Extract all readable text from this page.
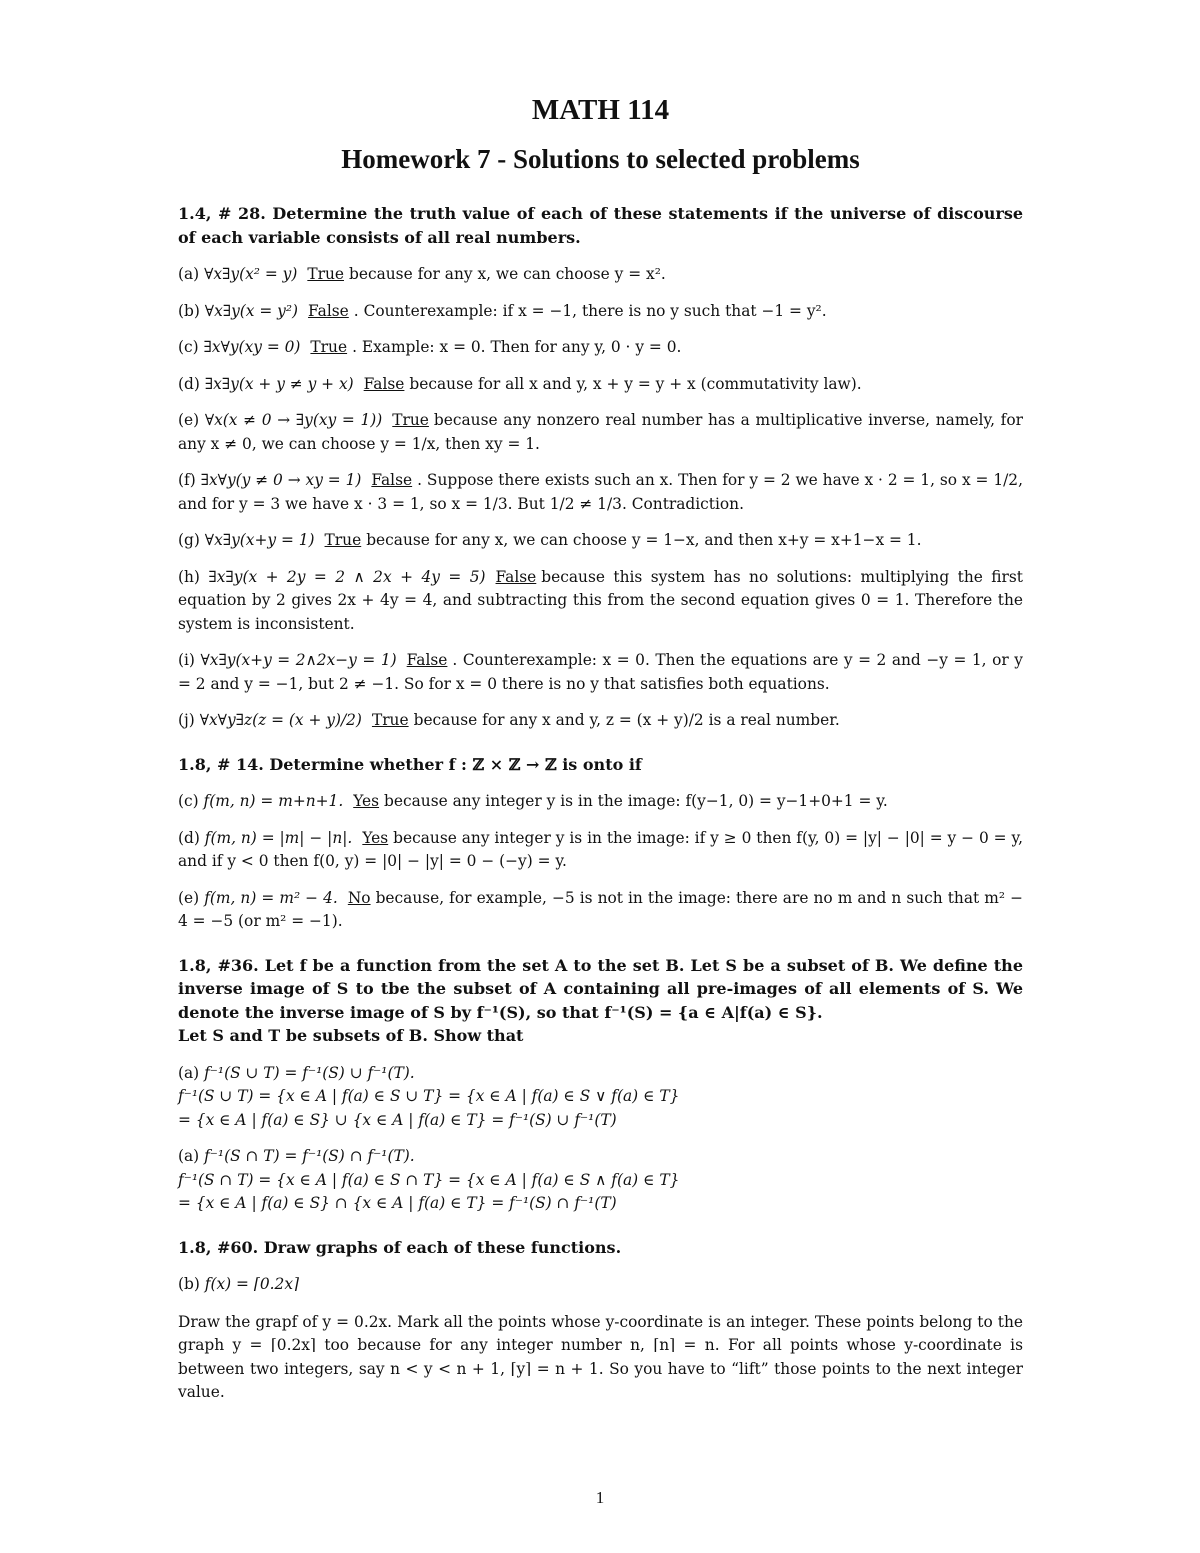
MATH 114
Homework 7 - Solutions to selected problems

1.4, # 28. Determine the truth value of each of these statements if the universe of discourse of each variable consists of all real numbers.

(a) ∀x∃y(x² = y) True because for any x, we can choose y = x².

(b) ∀x∃y(x = y²) False . Counterexample: if x = −1, there is no y such that −1 = y².

(c) ∃x∀y(xy = 0) True . Example: x = 0. Then for any y, 0 · y = 0.

(d) ∃x∃y(x + y ≠ y + x) False because for all x and y, x + y = y + x (commutativity law).

(e) ∀x(x ≠ 0 → ∃y(xy = 1)) True because any nonzero real number has a multiplicative inverse, namely, for any x ≠ 0, we can choose y = 1/x, then xy = 1.

(f) ∃x∀y(y ≠ 0 → xy = 1) False . Suppose there exists such an x. Then for y = 2 we have x · 2 = 1, so x = 1/2, and for y = 3 we have x · 3 = 1, so x = 1/3. But 1/2 ≠ 1/3. Contradiction.

(g) ∀x∃y(x+y = 1) True because for any x, we can choose y = 1−x, and then x+y = x+1−x = 1.

(h) ∃x∃y(x + 2y = 2 ∧ 2x + 4y = 5) False because this system has no solutions: multiplying the first equation by 2 gives 2x + 4y = 4, and subtracting this from the second equation gives 0 = 1. Therefore the system is inconsistent.

(i) ∀x∃y(x+y = 2∧2x−y = 1) False . Counterexample: x = 0. Then the equations are y = 2 and −y = 1, or y = 2 and y = −1, but 2 ≠ −1. So for x = 0 there is no y that satisfies both equations.

(j) ∀x∀y∃z(z = (x + y)/2) True because for any x and y, z = (x + y)/2 is a real number.

1.8, # 14. Determine whether f : ℤ × ℤ → ℤ is onto if

(c) f(m, n) = m+n+1. Yes because any integer y is in the image: f(y−1, 0) = y−1+0+1 = y.

(d) f(m, n) = |m| − |n|. Yes because any integer y is in the image: if y ≥ 0 then f(y, 0) = |y| − |0| = y − 0 = y, and if y < 0 then f(0, y) = |0| − |y| = 0 − (−y) = y.

(e) f(m, n) = m² − 4. No because, for example, −5 is not in the image: there are no m and n such that m² − 4 = −5 (or m² = −1).

1.8, #36. Let f be a function from the set A to the set B. Let S be a subset of B. We define the inverse image of S to tbe the subset of A containing all pre-images of all elements of S. We denote the inverse image of S by f⁻¹(S), so that f⁻¹(S) = {a ∈ A|f(a) ∈ S}.

Let S and T be subsets of B. Show that

(a) f⁻¹(S ∪ T) = f⁻¹(S) ∪ f⁻¹(T).

f⁻¹(S ∪ T) = {x ∈ A | f(a) ∈ S ∪ T} = {x ∈ A | f(a) ∈ S ∨ f(a) ∈ T}

= {x ∈ A | f(a) ∈ S} ∪ {x ∈ A | f(a) ∈ T} = f⁻¹(S) ∪ f⁻¹(T)

(a) f⁻¹(S ∩ T) = f⁻¹(S) ∩ f⁻¹(T).

f⁻¹(S ∩ T) = {x ∈ A | f(a) ∈ S ∩ T} = {x ∈ A | f(a) ∈ S ∧ f(a) ∈ T}

= {x ∈ A | f(a) ∈ S} ∩ {x ∈ A | f(a) ∈ T} = f⁻¹(S) ∩ f⁻¹(T)

1.8, #60. Draw graphs of each of these functions.

(b) f(x) = ⌈0.2x⌉

Draw the grapf of y = 0.2x. Mark all the points whose y-coordinate is an integer. These points belong to the graph y = ⌈0.2x⌉ too because for any integer number n, ⌈n⌉ = n. For all points whose y-coordinate is between two integers, say n < y < n + 1, ⌈y⌉ = n + 1. So you have to “lift” those points to the next integer value.

1
